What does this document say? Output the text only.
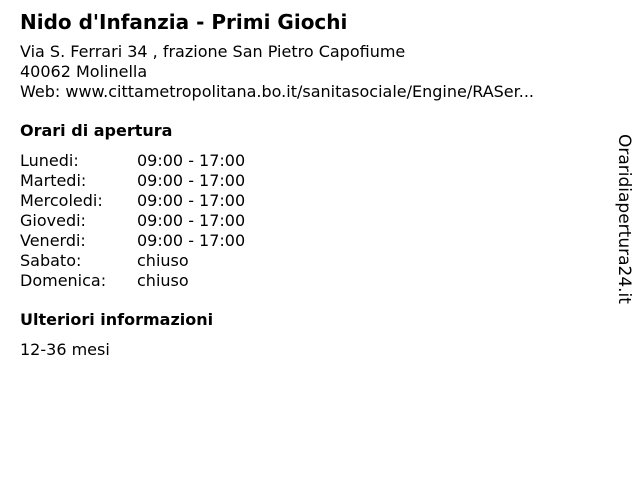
Nido d'Infanzia - Primi Giochi
Via S. Ferrari 34 , frazione San Pietro Capofiume
40062 Molinella
Web: www.cittametropolitana.bo.it/sanitasociale/Engine/RASer...
Orari di apertura
Lunedi:	09:00 - 17:00
Martedi:	09:00 - 17:00
Mercoledi:	09:00 - 17:00
Giovedi:	09:00 - 17:00
Venerdi:	09:00 - 17:00
Sabato:	chiuso
Domenica:	chiuso
Ulteriori informazioni
12-36 mesi
Oraridiapertura24.it
